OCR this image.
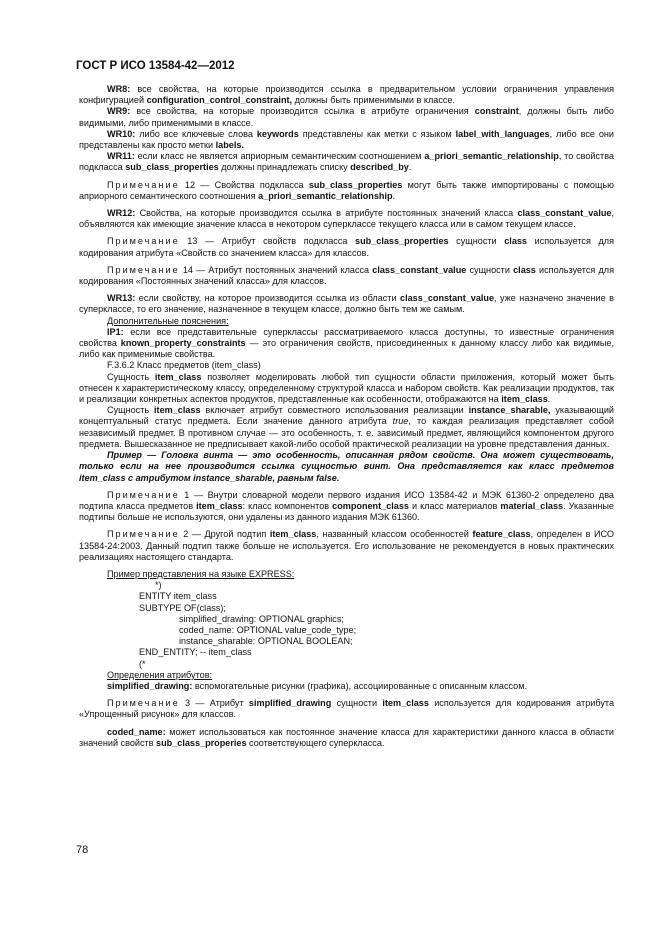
ГОСТ Р ИСО 13584-42—2012

WR8: все свойства, на которые производится ссылка в предварительном условии ограничения управления конфигурацией configuration_control_constraint, должны быть применимыми в классе.

WR9: все свойства, на которые производится ссылка в атрибуте ограничения constraint, должны быть либо видимыми, либо применимыми в классе.

WR10: либо все ключевые слова keywords представлены как метки с языком label_with_languages, либо все они представлены как просто метки labels.

WR11: если класс не является априорным семантическим соотношением a_priori_semantic_relationship, то свойства подкласса sub_class_properties должны принадлежать списку described_by.

Примечание 12 — Свойства подкласса sub_class_properties могут быть также импортированы с помощью априорного семантического соотношения a_priori_semantic_relationship.

WR12: Свойства, на которые производится ссылка в атрибуте постоянных значений класса class_constant_value, объявляются как имеющие значение класса в некотором суперклассе текущего класса или в самом текущем классе.

Примечание 13 — Атрибут свойств подкласса sub_class_properties сущности class используется для кодирования атрибута «Свойств со значением класса» для классов.

Примечание 14 — Атрибут постоянных значений класса class_constant_value сущности class используется для кодирования «Постоянных значений класса» для классов.

WR13: если свойству, на которое производится ссылка из области class_constant_value, уже назначено значение в суперклассе, то его значение, назначенное в текущем классе, должно быть тем же самым.

Дополнительные пояснения:

IP1: если все представительные суперклассы рассматриваемого класса доступны, то известные ограничения свойства known_property_constraints — это ограничения свойств, присоединенных к данному классу либо как видимые, либо как применимые свойства.

F.3.6.2 Класс предметов (item_class)

Сущность item_class позволяет моделировать любой тип сущности области приложения, который может быть отнесен к характеристическому классу, определенному структурой класса и набором свойств. Как реализации продуктов, так и реализации конкретных аспектов продуктов, представленные как особенности, отображаются на item_class.

Сущность item_class включает атрибут совместного использования реализации instance_sharable, указывающий концептуальный статус предмета. Если значение данного атрибута true, то каждая реализация представляет собой независимый предмет. В противном случае — это особенность, т. е. зависимый предмет, являющийся компонентом другого предмета. Вышесказанное не предписывает какой-либо особой практической реализации на уровне представления данных.

Пример — Головка винта — это особенность, описанная рядом свойств. Она может существовать, только если на нее производится ссылка сущностью винт. Она представляется как класс предметов item_class с атрибутом instance_sharable, равным false.

Примечание 1 — Внутри словарной модели первого издания ИСО 13584-42 и МЭК 61360-2 определено два подтипа класса предметов item_class: класс компонентов component_class и класс материалов material_class. Указанные подтипы больше не используются, они удалены из данного издания МЭК 61360.

Примечание 2 — Другой подтип item_class, названный классом особенностей feature_class, определен в ИСО 13584-24:2003. Данный подтип также больше не используется. Его использование не рекомендуется в новых практических реализациях настоящего стандарта.

Пример представления на языке EXPRESS:

*)

ENTITY item_class

SUBTYPE OF(class);

simplified_drawing: OPTIONAL graphics;

coded_name: OPTIONAL value_code_type;

instance_sharable: OPTIONAL BOOLEAN;

END_ENTITY; -- item_class

(*

Определения атрибутов:

simplified_drawing: вспомогательные рисунки (графика), ассоциированные с описанным классом.

Примечание 3 — Атрибут simplified_drawing сущности item_class используется для кодирования атрибута «Упрощенный рисунок» для классов.

coded_name: может использоваться как постоянное значение класса для характеристики данного класса в области значений свойств sub_class_properies соответствующего суперкласса.

78
